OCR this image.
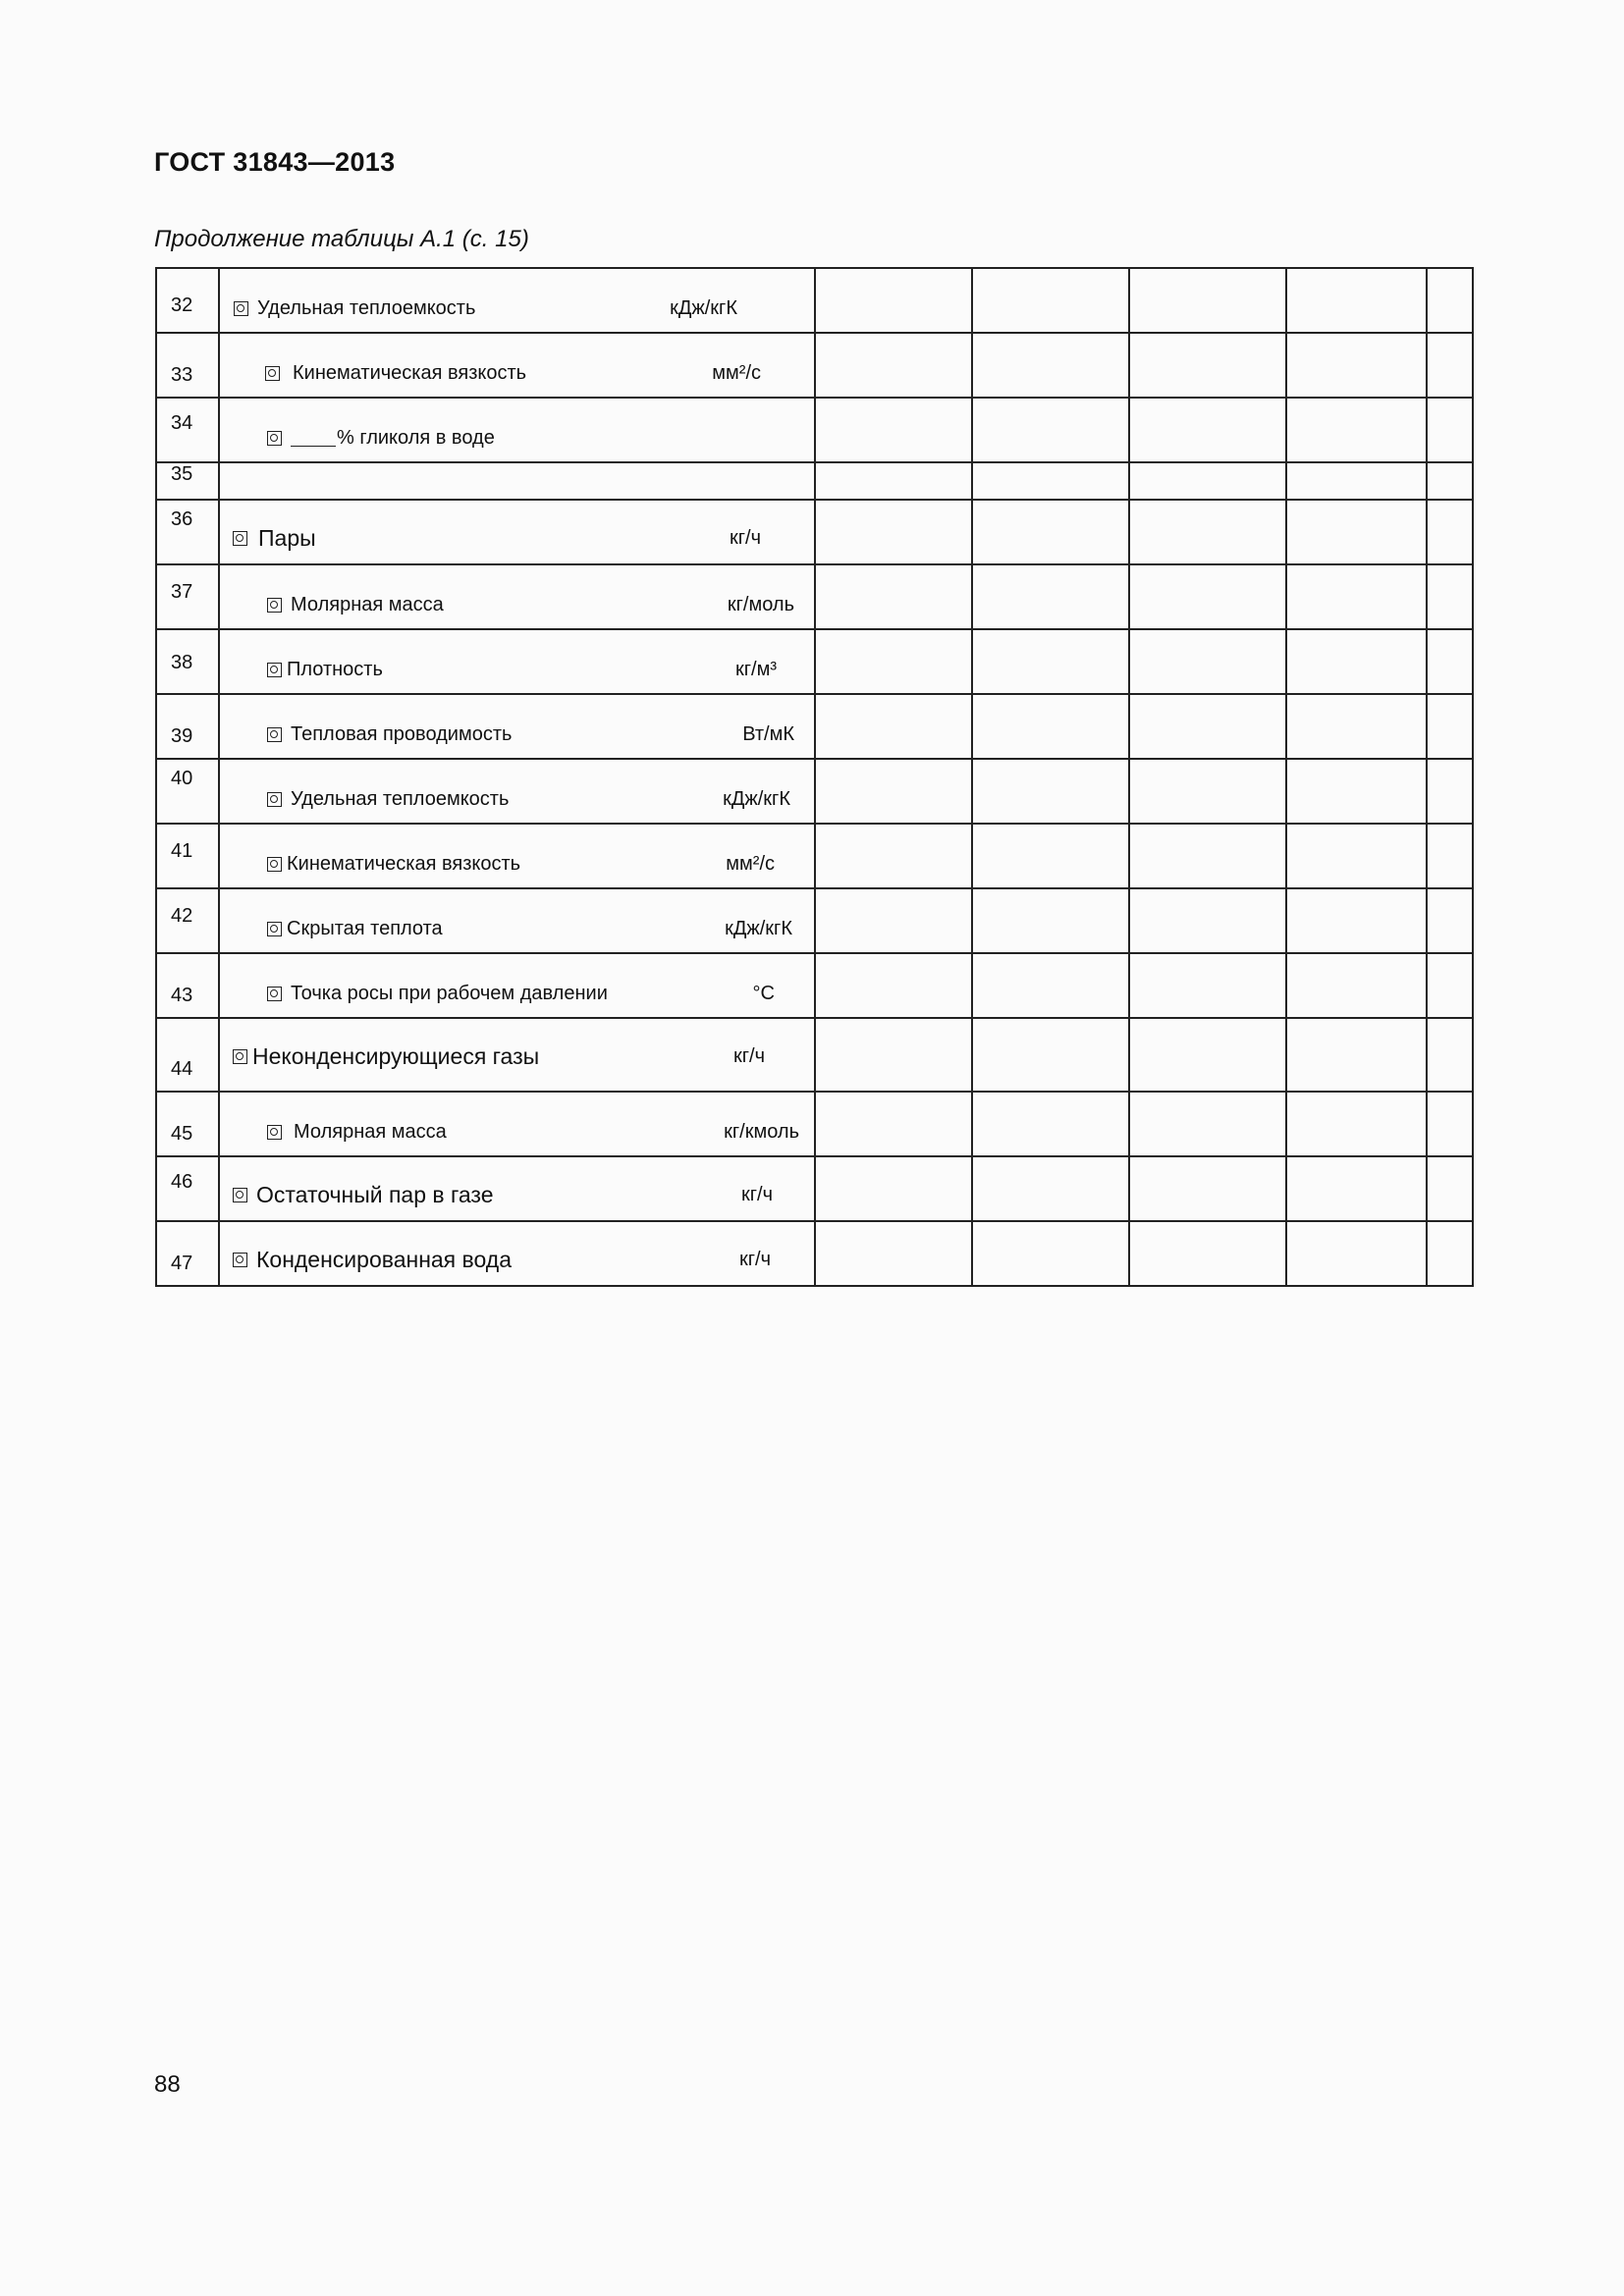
ГОСТ 31843—2013
Продолжение таблицы А.1 (с. 15)
32	Удельная теплоемкость кДж/кгК					

33	Кинематическая вязкость мм²/с					

34	% гликоля в воде					

35						

36	Пары кг/ч					

37	Молярная масса кг/моль					

38	Плотность кг/м³					

39	Тепловая проводимость Вт/мК					

40	Удельная теплоемкость кДж/кгК					

41	Кинематическая вязкость мм²/с					

42	Скрытая теплота кДж/кгК					

43	Точка росы при рабочем давлении °С					

44	Неконденсирующиеся газы кг/ч					

45	Молярная масса кг/кмоль					

46	Остаточный пар в газе кг/ч					

47	Конденсированная вода кг/ч					

88
